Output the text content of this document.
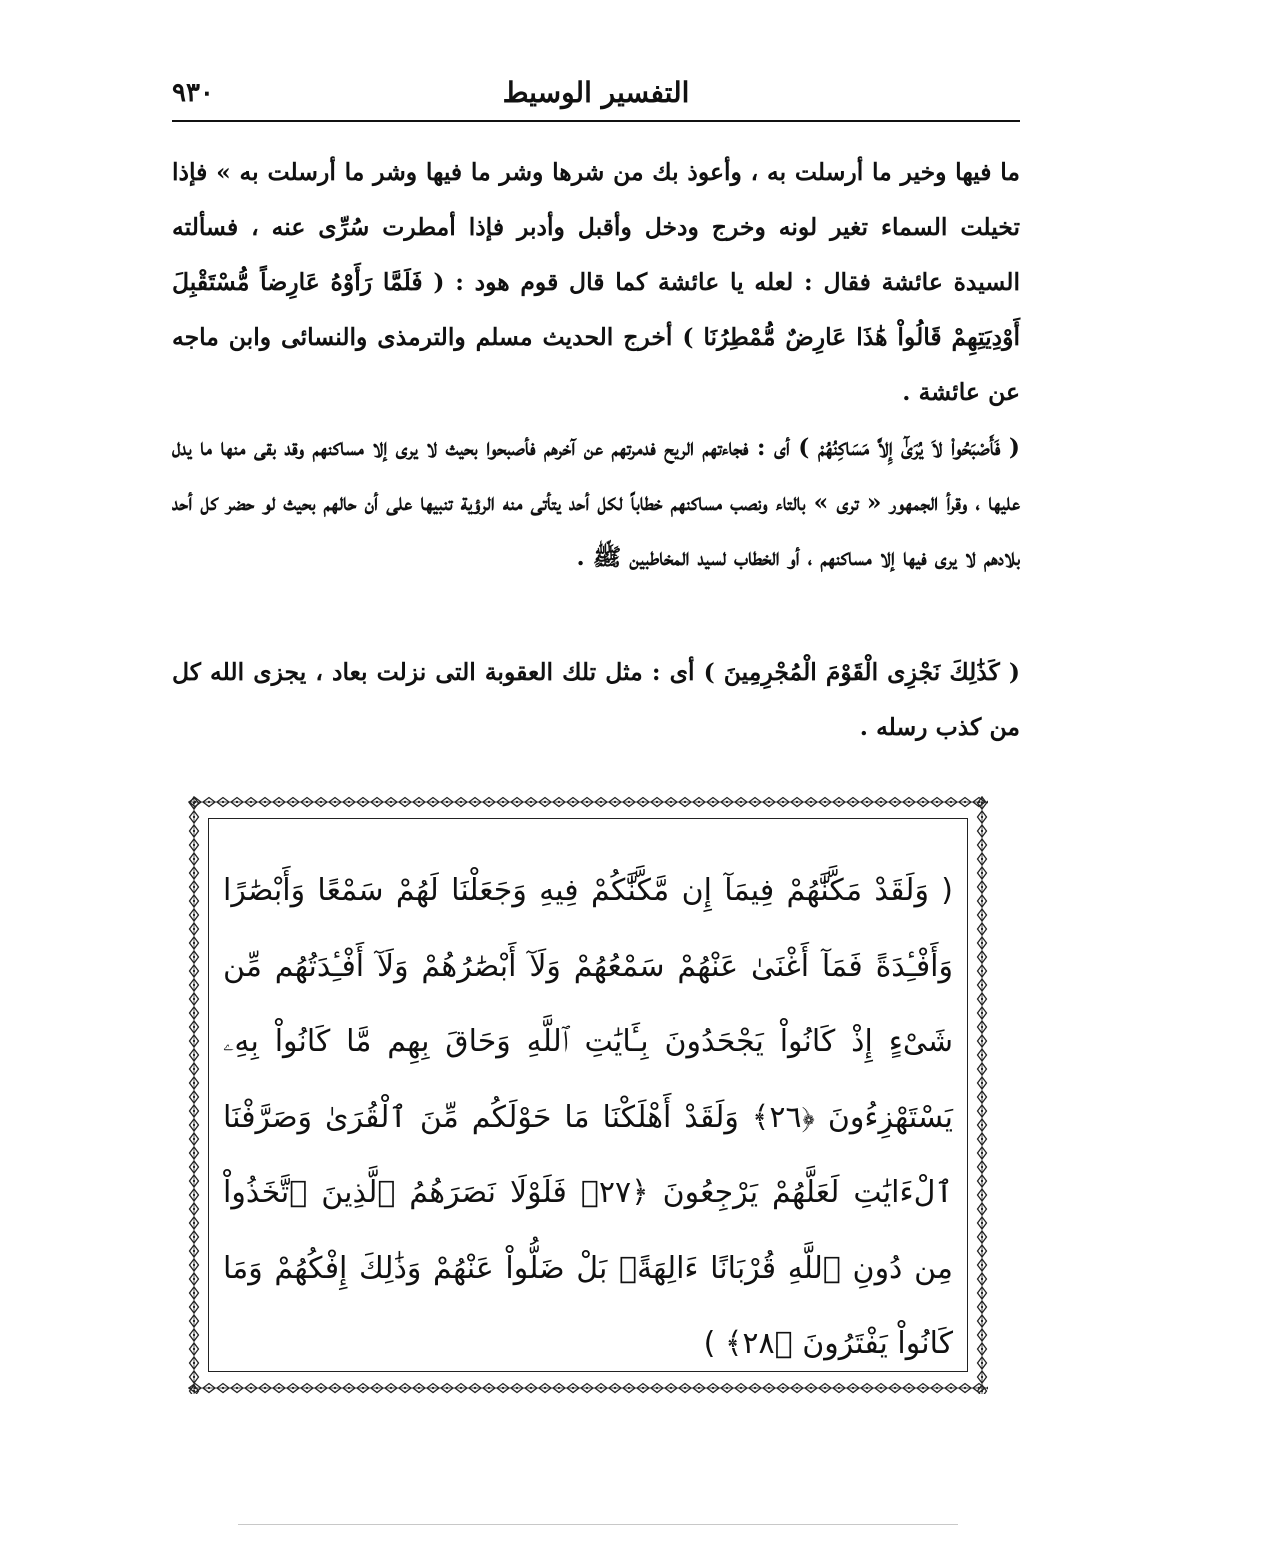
٩٣٠	التفسير الوسيط

ما فيها وخير ما أرسلت به ، وأعوذ بك من شرها وشر ما فيها وشر ما أرسلت به » فإذا تخيلت السماء تغير لونه وخرج ودخل وأقبل وأدبر فإذا أمطرت سُرِّى عنه ، فسألته السيدة عائشة فقال : لعله يا عائشة كما قال قوم هود : ( فَلَمَّا رَأَوْهُ عَارِضاً مُّسْتَقْبِلَ أَوْدِيَتِهِمْ قَالُواْ هَٰذَا عَارِضٌ مُّمْطِرُنَا ) أخرج الحديث مسلم والترمذى والنسائى وابن ماجه عن عائشة .

( فَأَصْبَحُواْ لاَ يُرَىٰٓ إِلاَّ مَسَاكِنُهُمْ ) أى : فجاءتهم الريح فدمرتهم عن آخرهم فأصبحوا بحيث لا يرى إلا مساكنهم وقد بقى منها ما يدل عليها ، وقرأ الجمهور « ترى » بالتاء ونصب مساكنهم خطاباً لكل أحد يتأتى منه الرؤية تنبيها على أن حالهم بحيث لو حضر كل أحد بلادهم لا يرى فيها إلا مساكنهم ، أو الخطاب لسيد المخاطبين ﷺ .

( كَذَٰلِكَ نَجْزِى الْقَوْمَ الْمُجْرِمِينَ ) أى : مثل تلك العقوبة التى نزلت بعاد ، يجزى الله كل من كذب رسله .

( وَلَقَدْ مَكَّنَّٰهُمْ فِيمَآ إِن مَّكَّنَّٰكُمْ فِيهِ وَجَعَلْنَا لَهُمْ سَمْعًا وَأَبْصَٰرًا وَأَفْـِٔدَةً فَمَآ أَغْنَىٰ عَنْهُمْ سَمْعُهُمْ وَلَآ أَبْصَٰرُهُمْ وَلَآ أَفْـِٔدَتُهُم مِّن شَىْءٍ إِذْ كَانُواْ يَجْحَدُونَ بِـَٔايَٰتِ ٱللَّهِ وَحَاقَ بِهِم مَّا كَانُواْ بِهِۦ يَسْتَهْزِءُونَ ﴿٢٦﴾ وَلَقَدْ أَهْلَكْنَا مَا حَوْلَكُم مِّنَ ٱلْقُرَىٰ وَصَرَّفْنَا ٱلْءَايَٰتِ لَعَلَّهُمْ يَرْجِعُونَ ﴿٢٧﴾ فَلَوْلَا نَصَرَهُمُ ٱلَّذِينَ ٱتَّخَذُواْ مِن دُونِ ٱللَّهِ قُرْبَانًا ءَالِهَةًۢ بَلْ ضَلُّواْ عَنْهُمْ وَذَٰلِكَ إِفْكُهُمْ وَمَا كَانُواْ يَفْتَرُونَ ﴿٢٨﴾ )
